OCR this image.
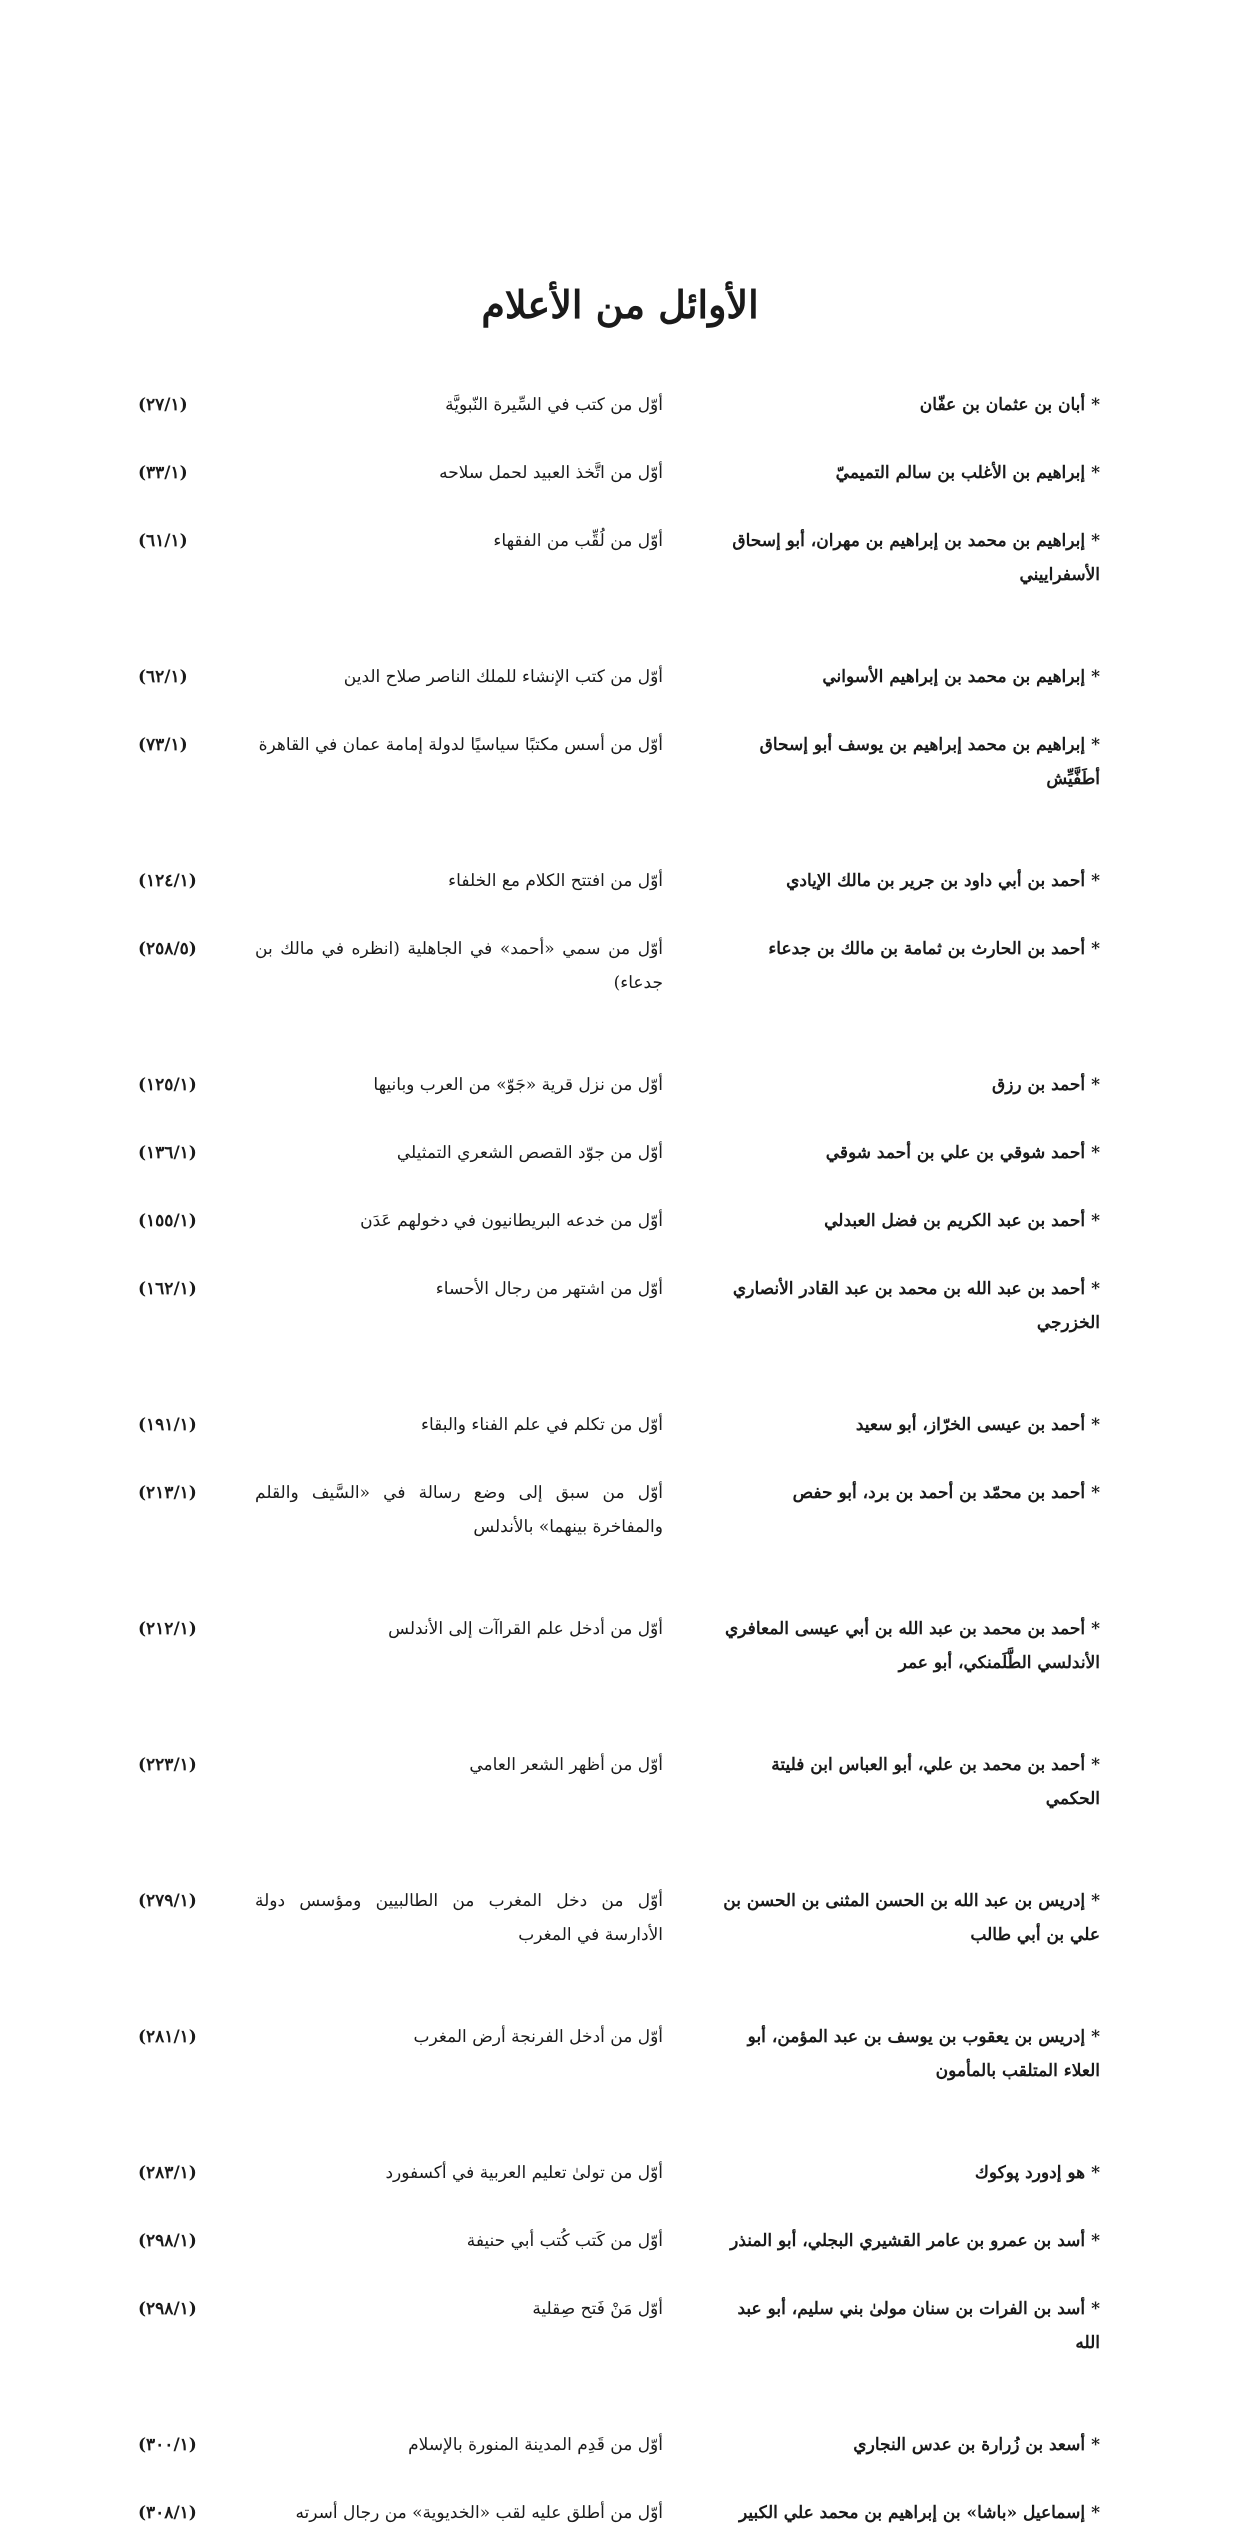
الأوائل من الأعلام
*أبان بن عثمان بن عفّان
أوّل من كتب في السِّيرة النّبويَّة
(٢٧/١)
*إبراهيم بن الأغلب بن سالم التميميّ
أوّل من اتَّخذ العبيد لحمل سلاحه
(٣٣/١)
*إبراهيم بن محمد بن إبراهيم بن مهران، أبو إسحاق الأسفراييني
أوّل من لُقِّب من الفقهاء
(٦١/١)
*إبراهيم بن محمد بن إبراهيم الأسواني
أوّل من كتب الإنشاء للملك الناصر صلاح الدين
(٦٢/١)
*إبراهيم بن محمد إبراهيم بن يوسف أبو إسحاق أطَفَّيِّش
أوّل من أسس مكتبًا سياسيًا لدولة إمامة عمان في القاهرة
(٧٣/١)
*أحمد بن أبي داود بن جرير بن مالك الإيادي
أوّل من افتتح الكلام مع الخلفاء
(١٢٤/١)
*أحمد بن الحارث بن ثمامة بن مالك بن جدعاء
أوّل من سمي «أحمد» في الجاهلية (انظره في مالك بن جدعاء)
(٢٥٨/٥)
*أحمد بن رزق
أوّل من نزل قرية «جَوّ» من العرب وبانيها
(١٢٥/١)
*أحمد شوقي بن علي بن أحمد شوقي
أوّل من جوّد القصص الشعري التمثيلي
(١٣٦/١)
*أحمد بن عبد الكريم بن فضل العبدلي
أوّل من خدعه البريطانيون في دخولهم عَدَن
(١٥٥/١)
*أحمد بن عبد الله بن محمد بن عبد القادر الأنصاري الخزرجي
أوّل من اشتهر من رجال الأحساء
(١٦٢/١)
*أحمد بن عيسى الخرّاز، أبو سعيد
أوّل من تكلم في علم الفناء والبقاء
(١٩١/١)
*أحمد بن محمّد بن أحمد بن برد، أبو حفص
أوّل من سبق إلى وضع رسالة في «السَّيف والقلم والمفاخرة بينهما» بالأندلس
(٢١٣/١)
*أحمد بن محمد بن عبد الله بن أبي عيسى المعافري الأندلسي الطَّلَمنكي، أبو عمر
أوّل من أدخل علم القراآت إلى الأندلس
(٢١٢/١)
*أحمد بن محمد بن علي، أبو العباس ابن فليتة الحكمي
أوّل من أظهر الشعر العامي
(٢٢٣/١)
*إدريس بن عبد الله بن الحسن المثنى بن الحسن بن علي بن أبي طالب
أوّل من دخل المغرب من الطالبيين ومؤسس دولة الأدارسة في المغرب
(٢٧٩/١)
*إدريس بن يعقوب بن يوسف بن عبد المؤمن، أبو العلاء المتلقب بالمأمون
أوّل من أدخل الفرنجة أرض المغرب
(٢٨١/١)
*هو إدورد پوكوك
أوّل من تولىٰ تعليم العربية في أكسفورد
(٢٨٣/١)
*أسد بن عمرو بن عامر القشيري البجلي، أبو المنذر
أوّل من كَتب كُتب أبي حنيفة
(٢٩٨/١)
*أسد بن الفرات بن سنان مولىٰ بني سليم، أبو عبد الله
أوّل مَنْ فَتح صِقلية
(٢٩٨/١)
*أسعد بن زُرارة بن عدس النجاري
أوّل من قَدِم المدينة المنورة بالإسلام
(٣٠٠/١)
*إسماعيل «باشا» بن إبراهيم بن محمد علي الكبير
أوّل من أطلق عليه لقب «الخديوية» من رجال أسرته
(٣٠٨/١)
